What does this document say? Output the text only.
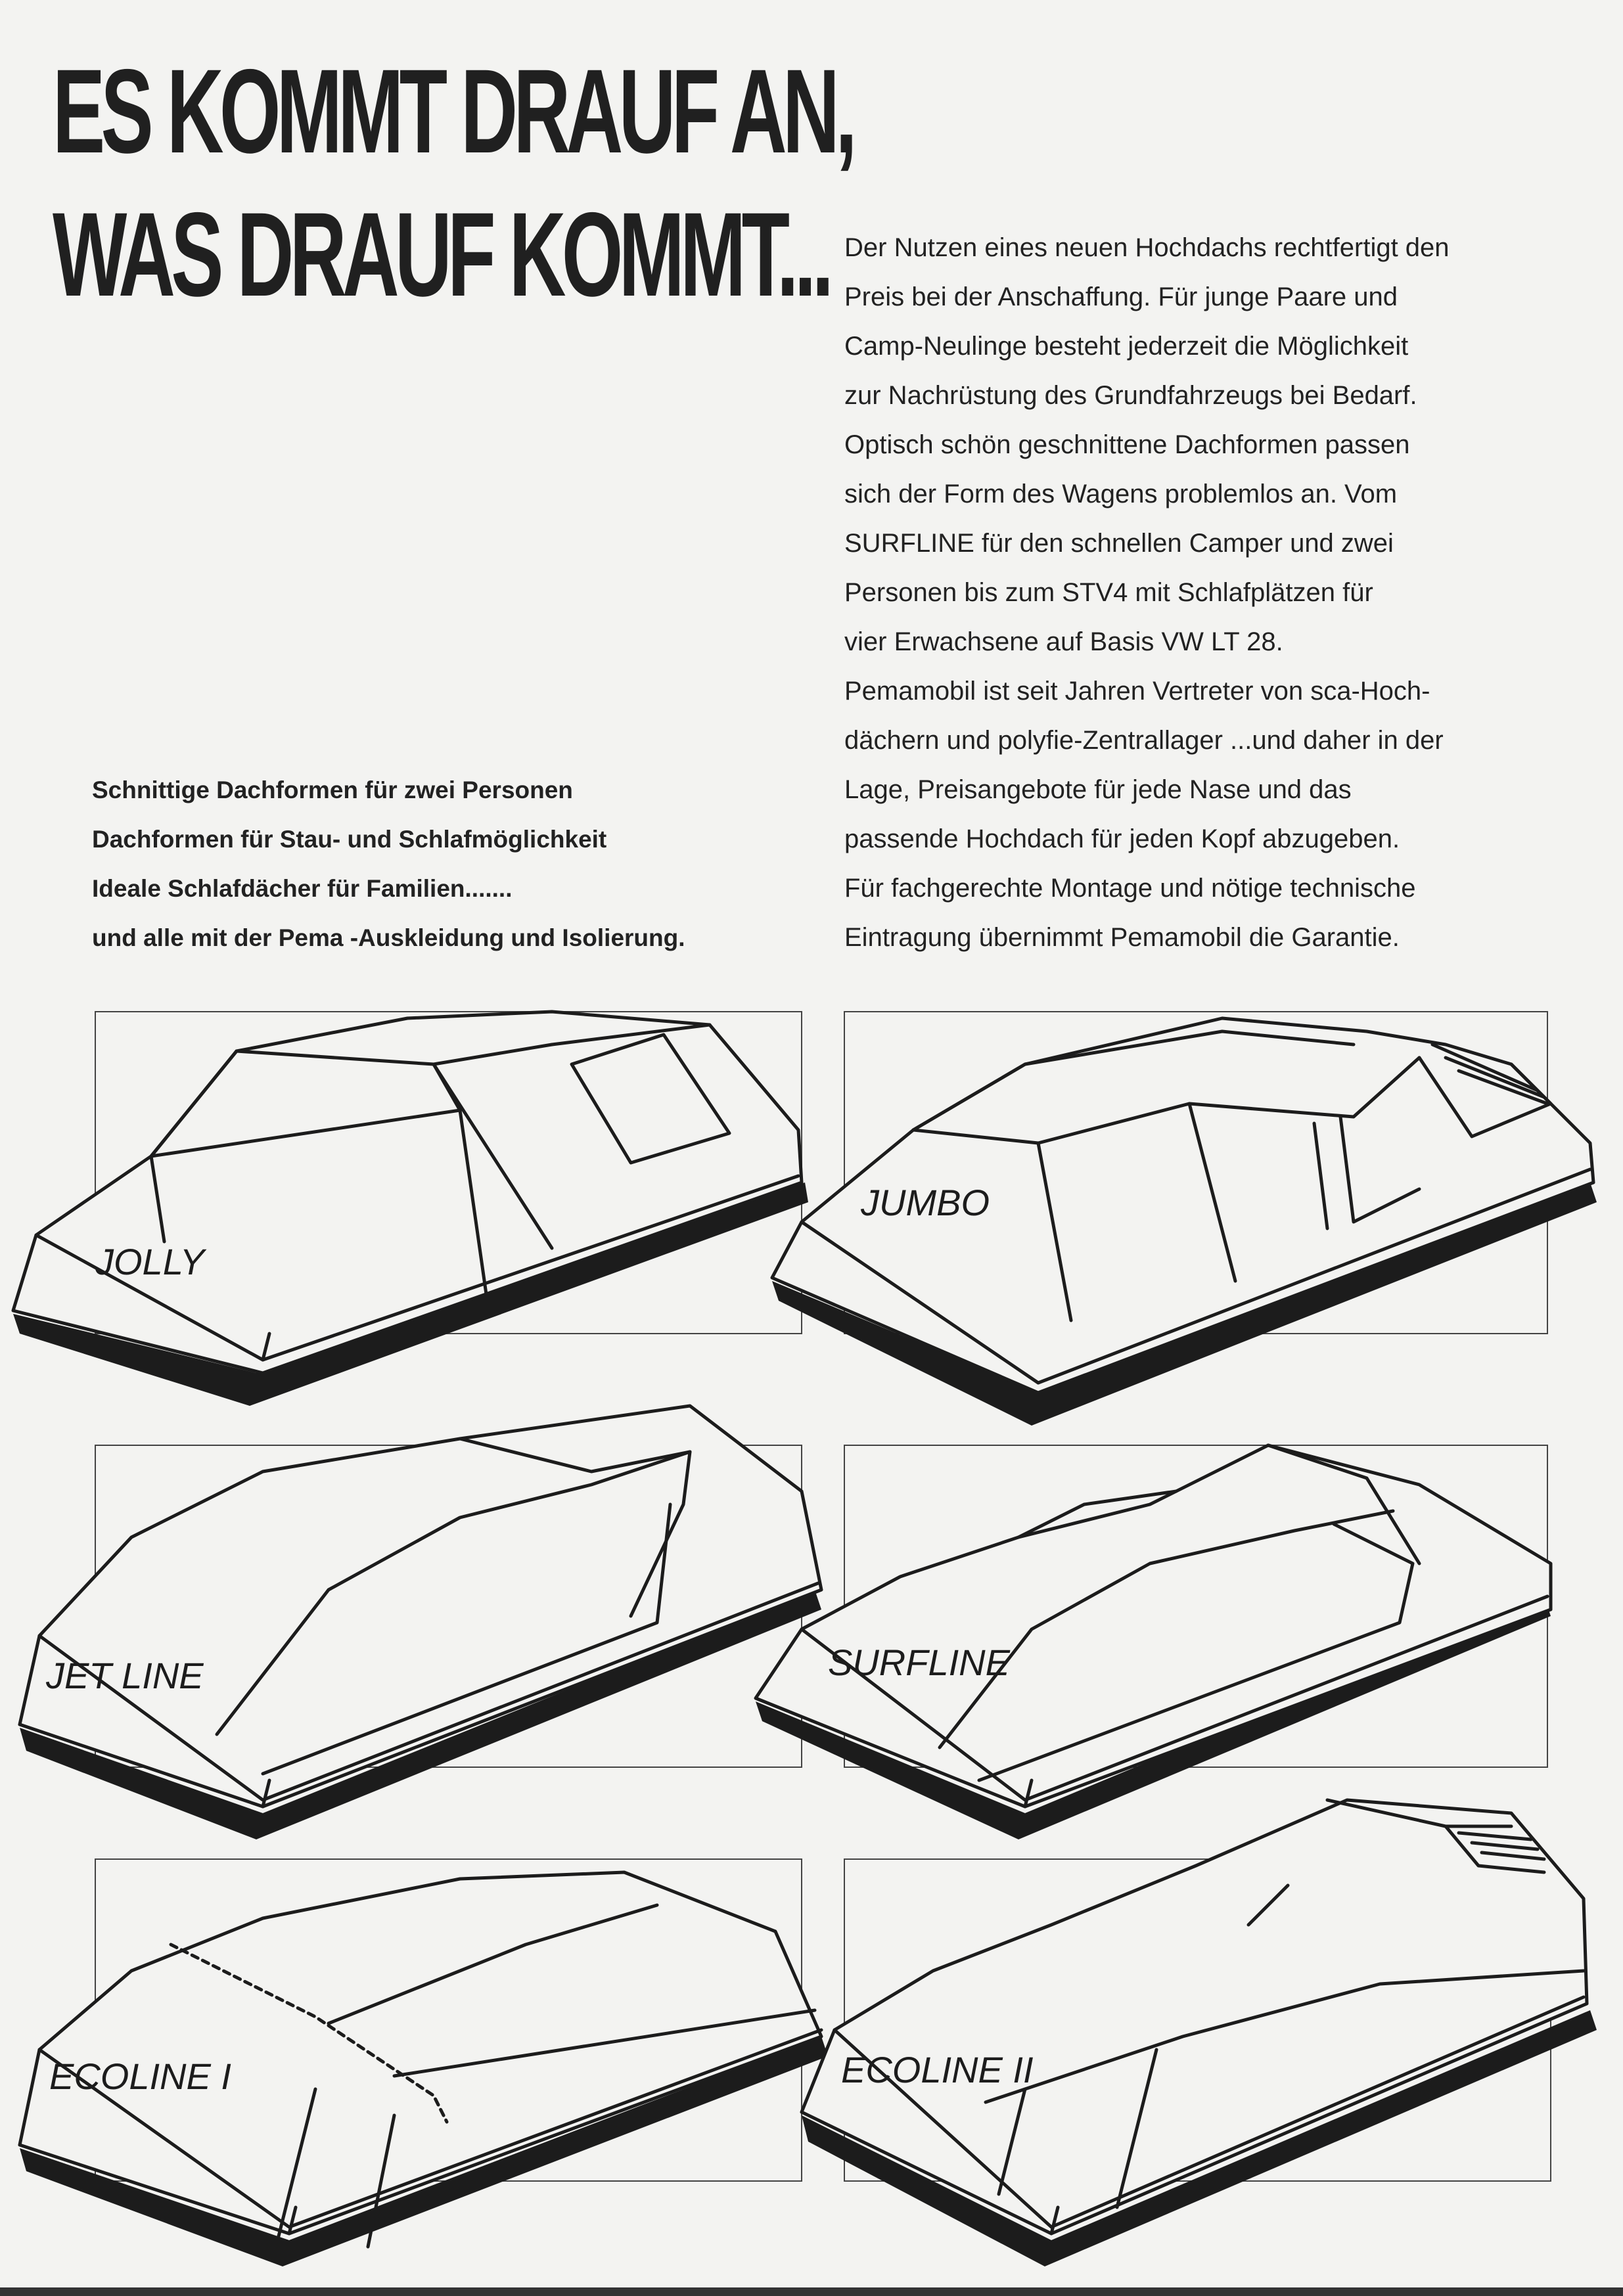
ES KOMMT DRAUF AN,
WAS DRAUF KOMMT... Der Nutzen eines neuen Hochdachs rechtfertigt den

Preis bei der Anschaffung. Für junge Paare und

Camp-Neulinge besteht jederzeit die Möglichkeit

zur Nachrüstung des Grundfahrzeugs bei Bedarf.

Optisch schön geschnittene Dachformen passen

sich der Form des Wagens problemlos an. Vom

SURFLINE für den schnellen Camper und zwei

Personen bis zum STV4 mit Schlafplätzen für

vier Erwachsene auf Basis VW LT 28.

Pemamobil ist seit Jahren Vertreter von sca-Hoch-

dächern und polyfie-Zentrallager ...und daher in der

Lage, Preisangebote für jede Nase und das

passende Hochdach für jeden Kopf abzugeben.

Für fachgerechte Montage und nötige technische

Eintragung übernimmt Pemamobil die Garantie.

Schnittige Dachformen für zwei Personen

Dachformen für Stau- und Schlafmöglichkeit

Ideale Schlafdächer für Familien.......

und alle mit der Pema -Auskleidung und Isolierung.

JOLLY
JUMBO
JET LINE	SURFLINE
ECOLINE I	ECOLINE II
